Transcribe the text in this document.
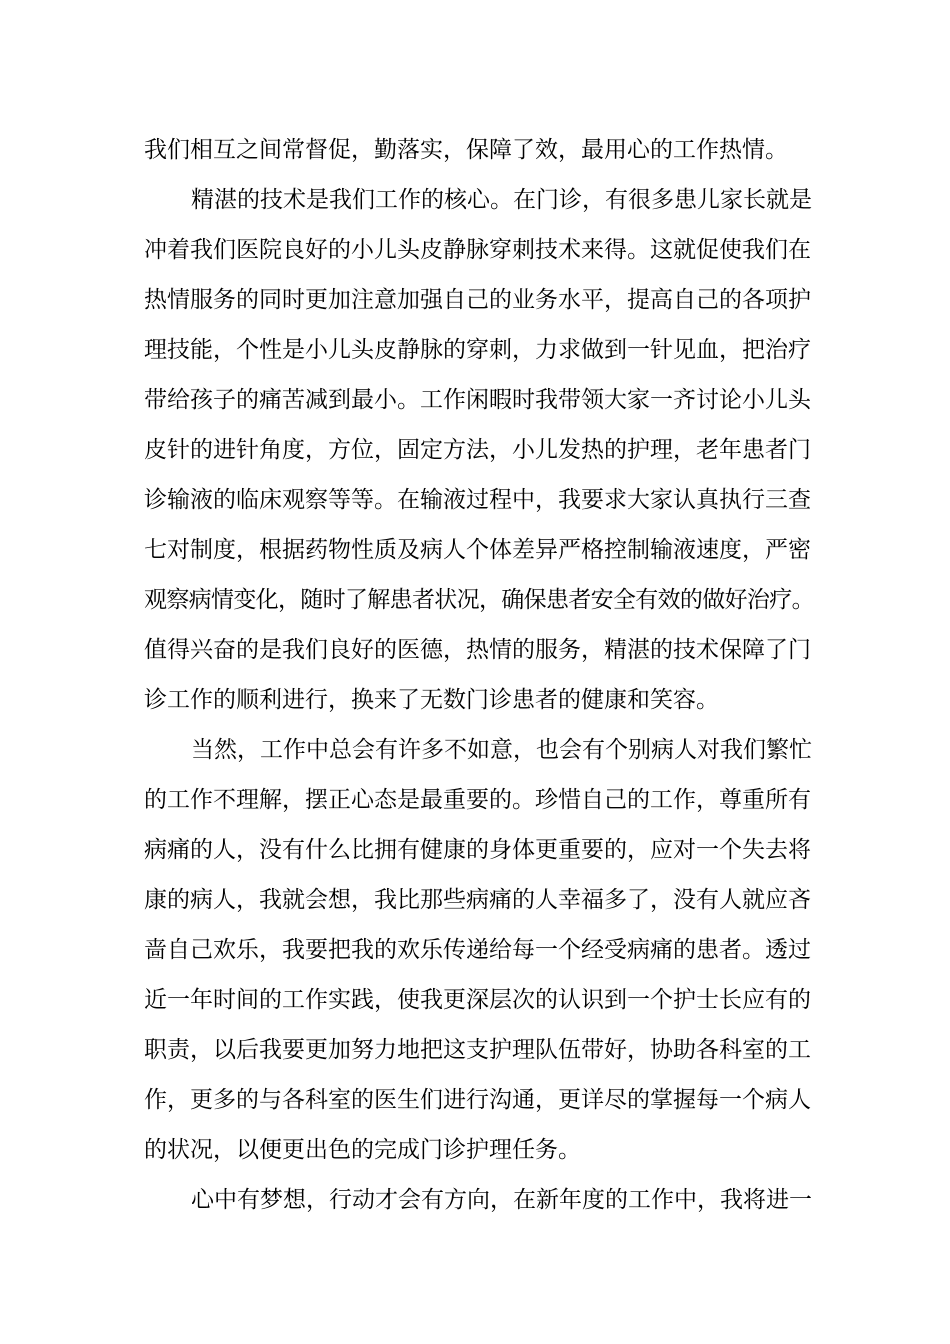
我们相互之间常督促，勤落实，保障了效，最用心的工作热情。
精湛的技术是我们工作的核心。在门诊，有很多患儿家长就是
冲着我们医院良好的小儿头皮静脉穿刺技术来得。这就促使我们在
热情服务的同时更加注意加强自己的业务水平，提高自己的各项护
理技能，个性是小儿头皮静脉的穿刺，力求做到一针见血，把治疗
带给孩子的痛苦减到最小。工作闲暇时我带领大家一齐讨论小儿头
皮针的进针角度，方位，固定方法，小儿发热的护理，老年患者门
诊输液的临床观察等等。在输液过程中，我要求大家认真执行三查
七对制度，根据药物性质及病人个体差异严格控制输液速度，严密
观察病情变化，随时了解患者状况，确保患者安全有效的做好治疗。
值得兴奋的是我们良好的医德，热情的服务，精湛的技术保障了门
诊工作的顺利进行，换来了无数门诊患者的健康和笑容。
当然，工作中总会有许多不如意，也会有个别病人对我们繁忙
的工作不理解，摆正心态是最重要的。珍惜自己的工作，尊重所有
病痛的人，没有什么比拥有健康的身体更重要的，应对一个失去将
康的病人，我就会想，我比那些病痛的人幸福多了，没有人就应吝
啬自己欢乐，我要把我的欢乐传递给每一个经受病痛的患者。透过
近一年时间的工作实践，使我更深层次的认识到一个护士长应有的
职责，以后我要更加努力地把这支护理队伍带好，协助各科室的工
作，更多的与各科室的医生们进行沟通，更详尽的掌握每一个病人
的状况，以便更出色的完成门诊护理任务。
心中有梦想，行动才会有方向，在新年度的工作中，我将进一
